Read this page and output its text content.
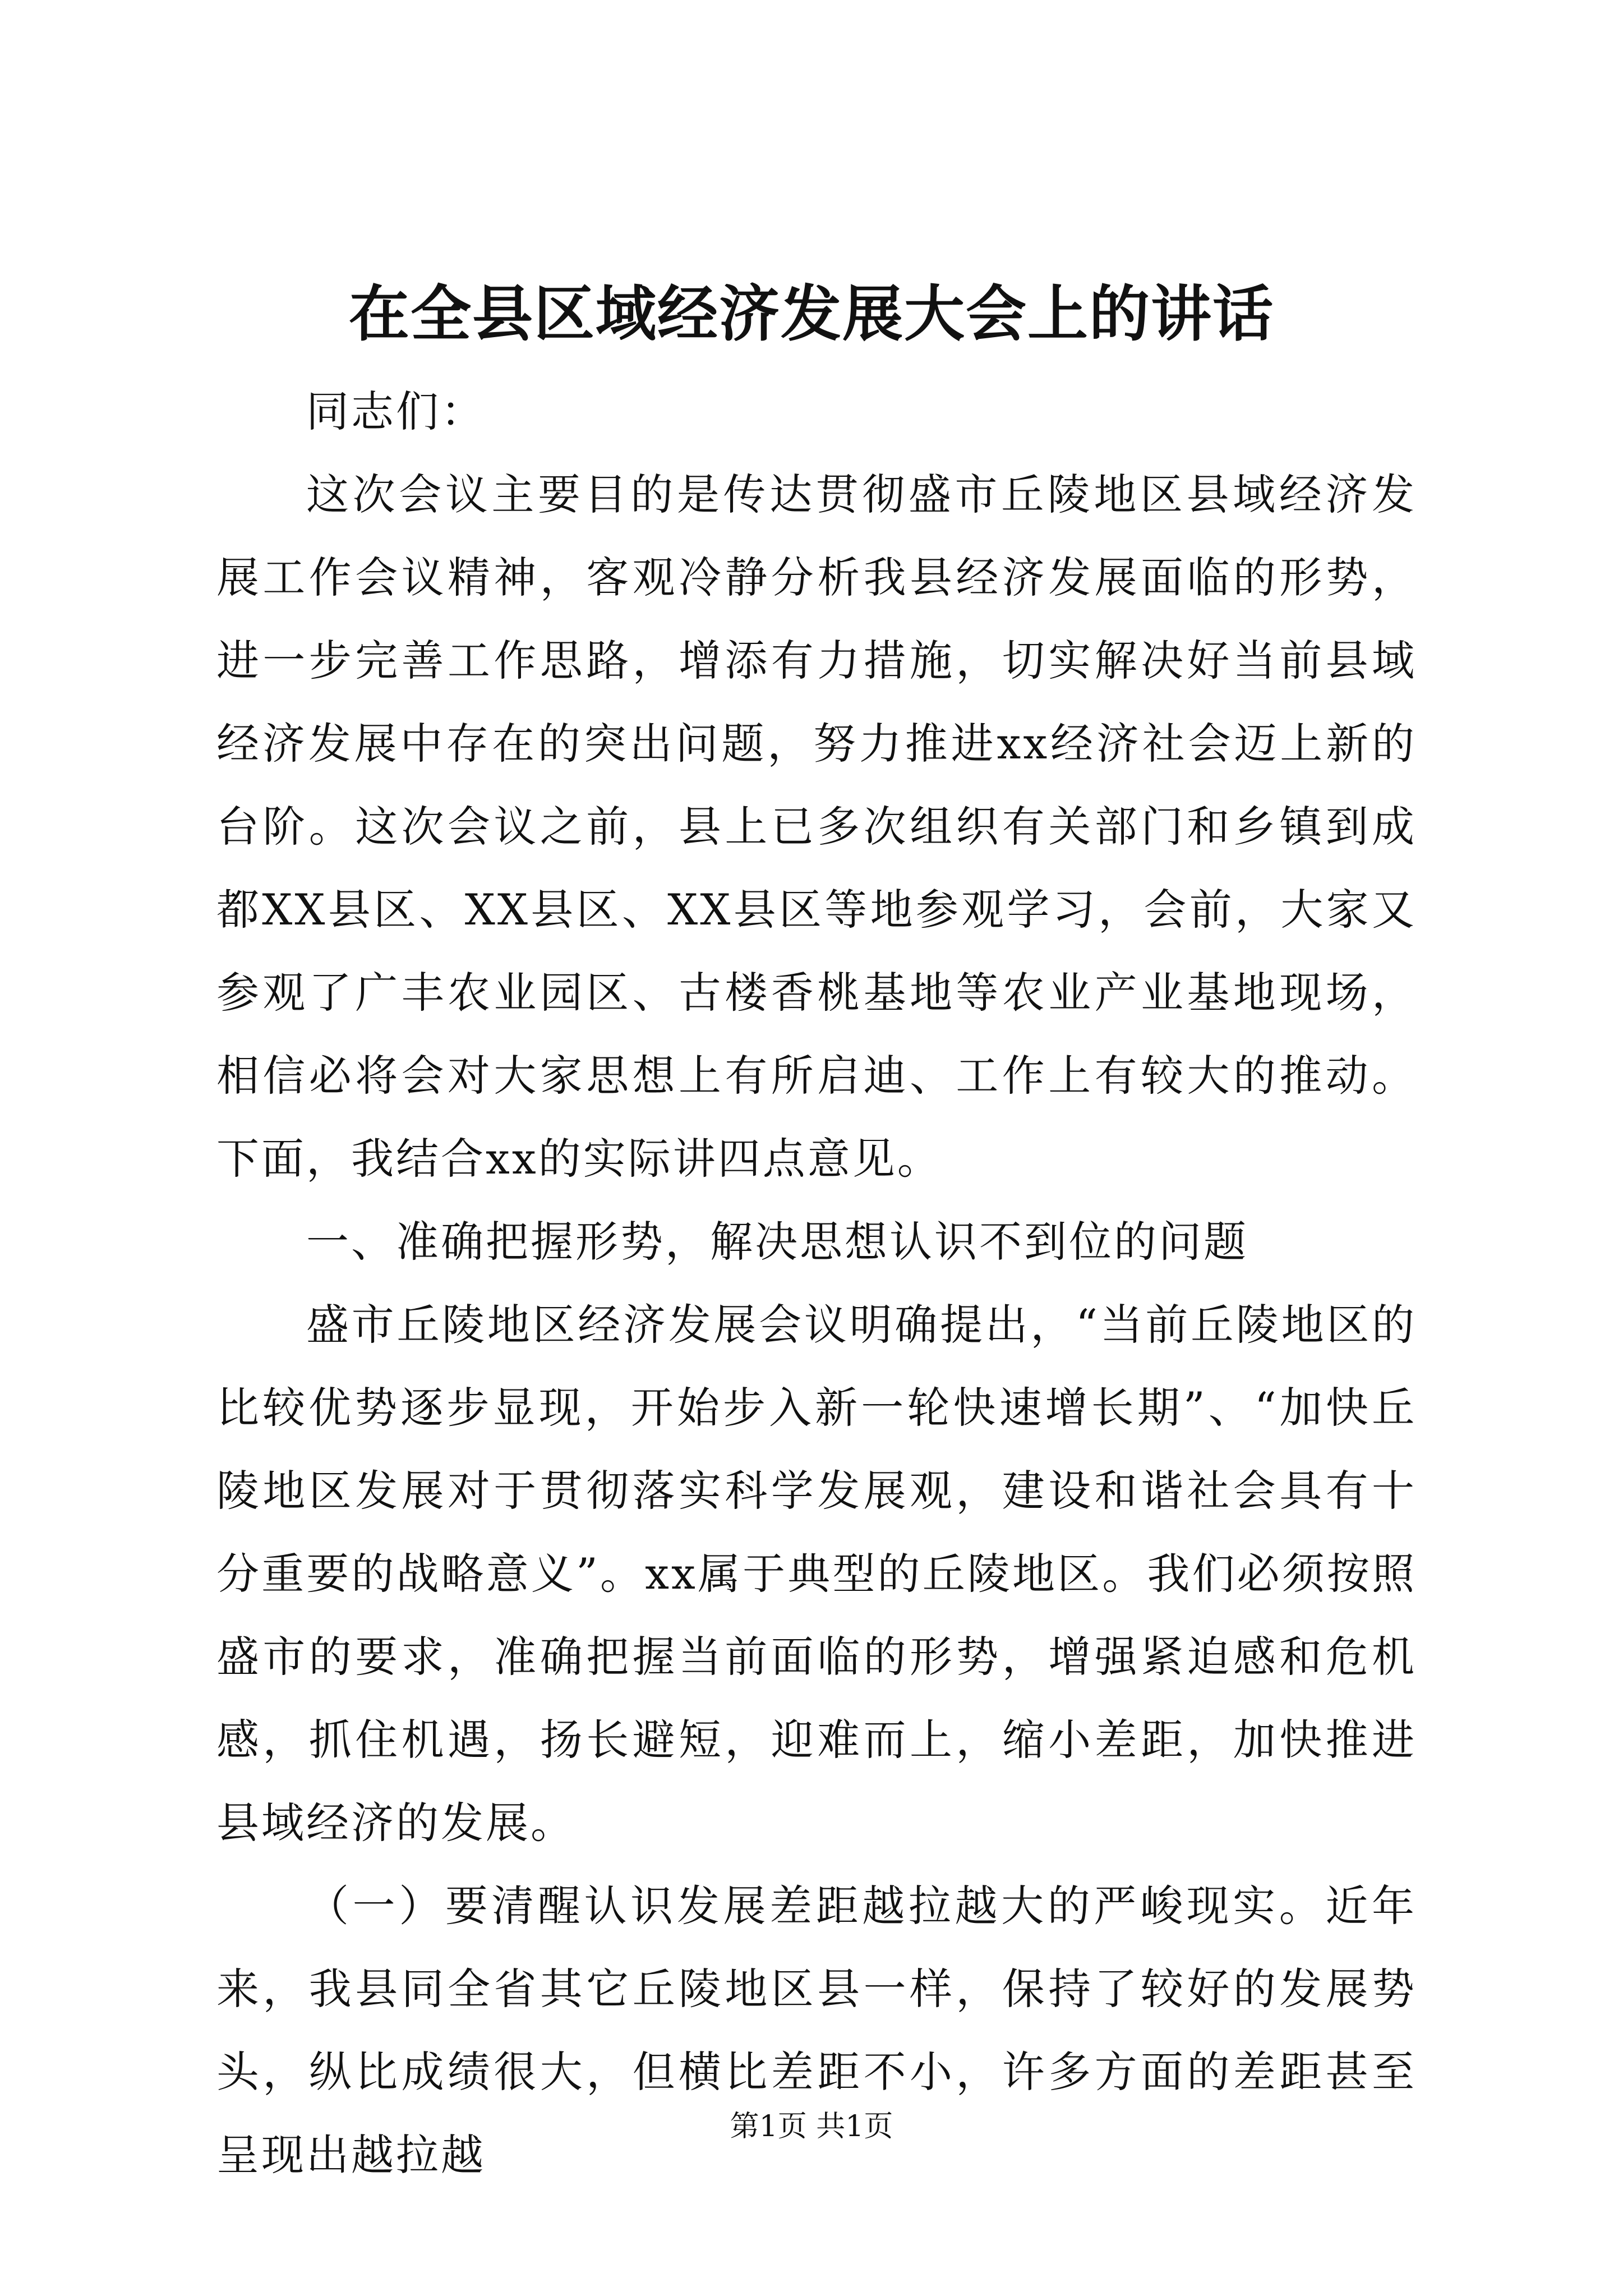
在全县区域经济发展大会上的讲话

同志们：

这次会议主要目的是传达贯彻盛市丘陵地区县域经济发展工作会议精神，客观冷静分析我县经济发展面临的形势，进一步完善工作思路，增添有力措施，切实解决好当前县域经济发展中存在的突出问题，努力推进xx经济社会迈上新的台阶。这次会议之前，县上已多次组织有关部门和乡镇到成都XX县区、XX县区、XX县区等地参观学习，会前，大家又参观了广丰农业园区、古楼香桃基地等农业产业基地现场，相信必将会对大家思想上有所启迪、工作上有较大的推动。下面，我结合xx的实际讲四点意见。

一、准确把握形势，解决思想认识不到位的问题

盛市丘陵地区经济发展会议明确提出，“当前丘陵地区的比较优势逐步显现，开始步入新一轮快速增长期”、“加快丘陵地区发展对于贯彻落实科学发展观，建设和谐社会具有十分重要的战略意义”。xx属于典型的丘陵地区。我们必须按照盛市的要求，准确把握当前面临的形势，增强紧迫感和危机感，抓住机遇，扬长避短，迎难而上，缩小差距，加快推进县域经济的发展。

（一）要清醒认识发展差距越拉越大的严峻现实。近年来，我县同全省其它丘陵地区县一样，保持了较好的发展势头，纵比成绩很大，但横比差距不小，许多方面的差距甚至呈现出越拉越

第1页 共1页
